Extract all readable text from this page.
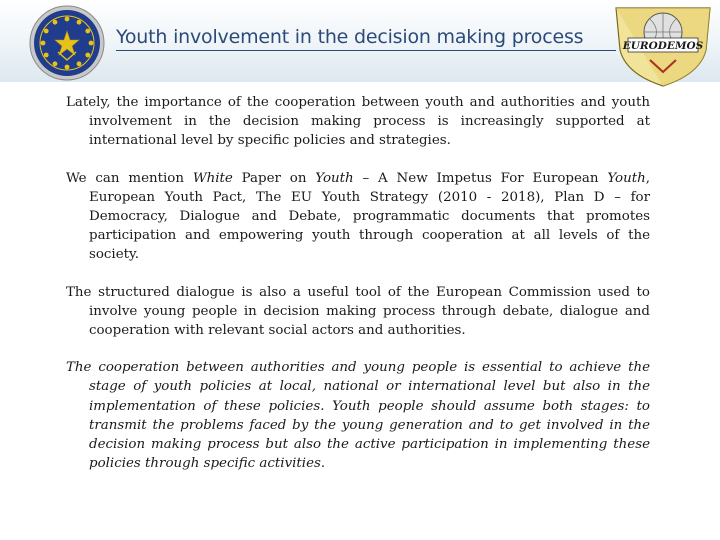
Youth involvement in the decision making process	EURODEMOS

Lately, the importance of the cooperation between youth and authorities and youth involvement in the decision making process is increasingly supported at international level by specific policies and strategies.

We can mention White Paper on Youth – A New Impetus For European Youth, European Youth Pact, The EU Youth Strategy (2010 - 2018), Plan D – for Democracy, Dialogue and Debate, programmatic documents that promotes participation and empowering youth through cooperation at all levels of the society.

The structured dialogue is also a useful tool of the European Commission used to involve young people in decision making process through debate, dialogue and cooperation with relevant social actors and authorities.

The cooperation between authorities and young people is essential to achieve the stage of youth policies at local, national or international level but also in the implementation of these policies. Youth people should assume both stages: to transmit the problems faced by the young generation and to get involved in the decision making process but also the active participation in implementing these policies through specific activities.
